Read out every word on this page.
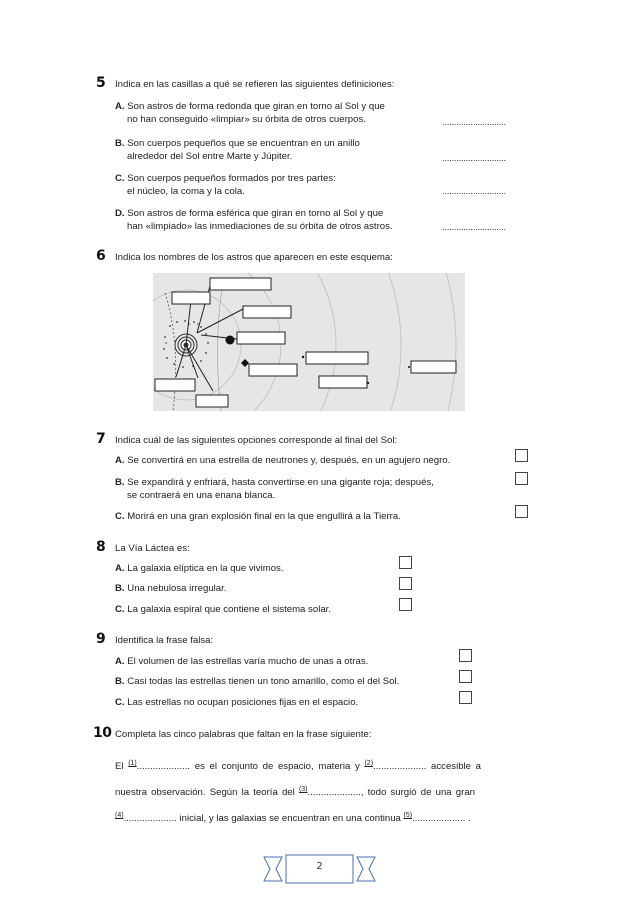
5 Indica en las casillas a qué se refieren las siguientes definiciones:
A. Son astros de forma redonda que giran en torno al Sol y que
no han conseguido «limpiar» su órbita de otros cuerpos.	...........................
B. Son cuerpos pequeños que se encuentran en un anillo
alrededor del Sol entre Marte y Júpiter.	...........................
C. Son cuerpos pequeños formados por tres partes:
el núcleo, la coma y la cola.	...........................
D. Son astros de forma esférica que giran en torno al Sol y que
han «limpiado» las inmediaciones de su órbita de otros astros.	...........................
6 Indica los nombres de los astros que aparecen en este esquema:
7 Indica cuál de las siguientes opciones corresponde al final del Sol:
A. Se convertirá en una estrella de neutrones y, después, en un agujero negro.
B. Se expandirá y enfriará, hasta convertirse en una gigante roja; después,
se contraerá en una enana blanca.
C. Morirá en una gran explosión final en la que engullirá a la Tierra.
8 La Vía Láctea es:
A. La galaxia elíptica en la que vivimos.
B. Una nebulosa irregular.
C. La galaxia espiral que contiene el sistema solar.
9 Identifica la frase falsa:
A. El volumen de las estrellas varía mucho de unas a otras.
B. Casi todas las estrellas tienen un tono amarillo, como el del Sol.
C. Las estrellas no ocupan posiciones fijas en el espacio.
10 Completa las cinco palabras que faltan en la frase siguiente:
El $^{(1)}$.................... es el conjunto de espacio, materia y $^{(2)}$.................... accesible a
nuestra observación. Según la teoría del $^{(3)}$...................., todo surgió de una gran
$^{(4)}$.................... inicial, y las galaxias se encuentran en una continua $^{(5)}$.................... .
2
